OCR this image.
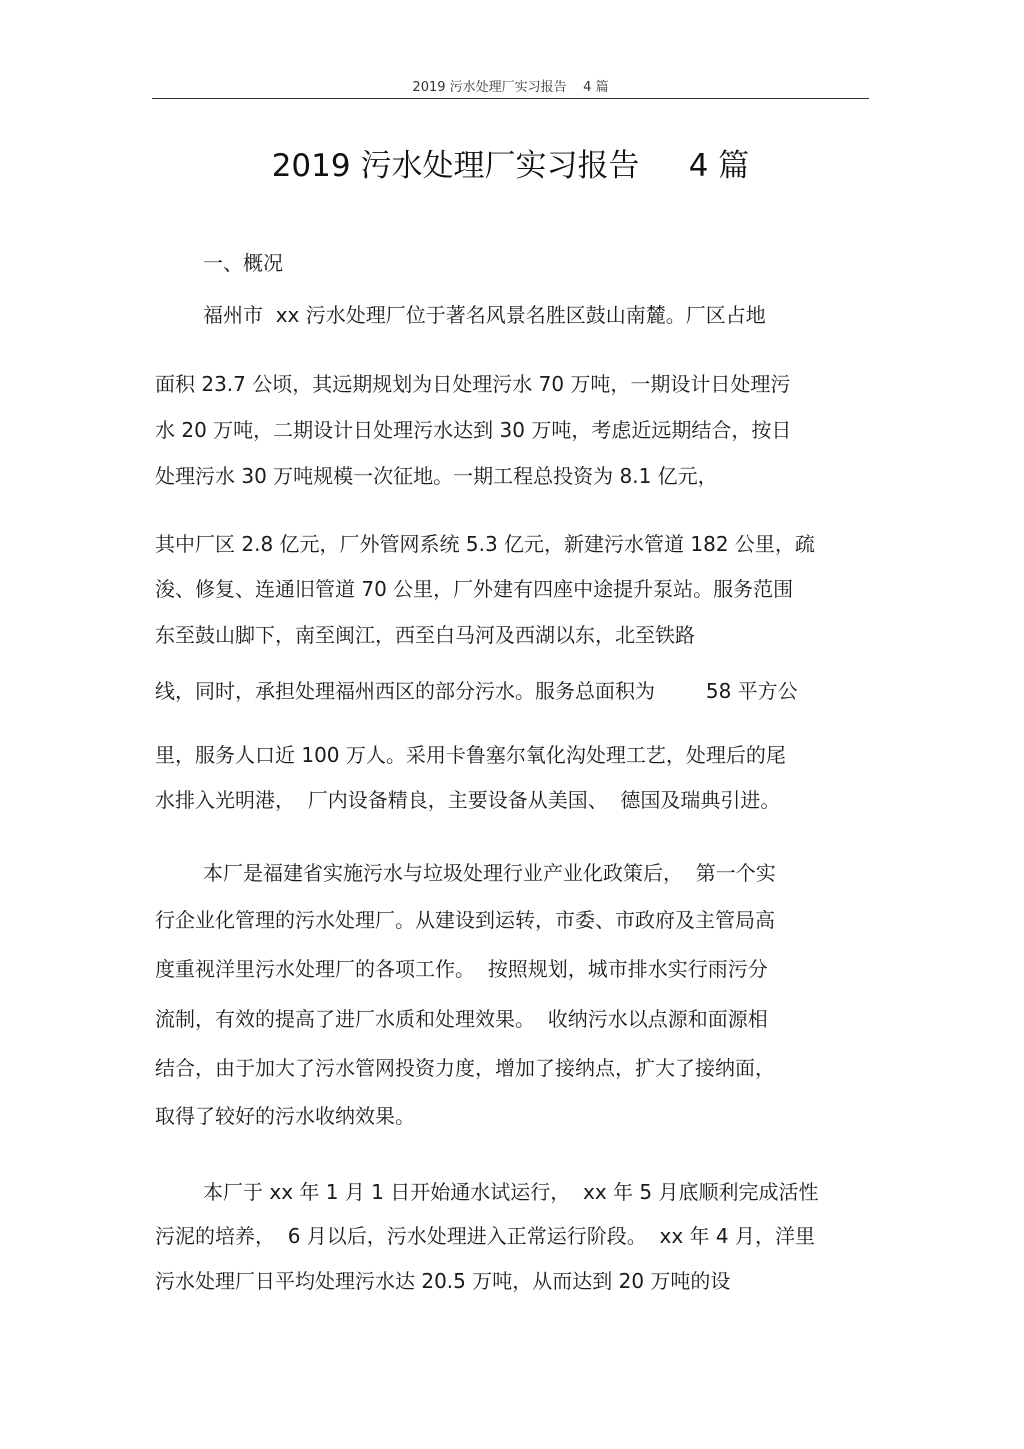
2019 污水处理厂实习报告    4 篇
2019 污水处理厂实习报告     4 篇
一、概况
福州市  xx 污水处理厂位于著名风景名胜区鼓山南麓。厂区占地
面积 23.7 公顷，其远期规划为日处理污水 70 万吨，一期设计日处理污
水 20 万吨，二期设计日处理污水达到 30 万吨，考虑近远期结合，按日
处理污水 30 万吨规模一次征地。一期工程总投资为 8.1 亿元，
其中厂区 2.8 亿元，厂外管网系统 5.3 亿元，新建污水管道 182 公里，疏
浚、修复、连通旧管道 70 公里，厂外建有四座中途提升泵站。服务范围
东至鼓山脚下，南至闽江，西至白马河及西湖以东，北至铁路
线，同时，承担处理福州西区的部分污水。服务总面积为        58 平方公
里，服务人口近 100 万人。采用卡鲁塞尔氧化沟处理工艺，处理后的尾
水排入光明港，  厂内设备精良，主要设备从美国、  德国及瑞典引进。
本厂是福建省实施污水与垃圾处理行业产业化政策后，  第一个实
行企业化管理的污水处理厂。从建设到运转，市委、市政府及主管局高
度重视洋里污水处理厂的各项工作。  按照规划，城市排水实行雨污分
流制，有效的提高了进厂水质和处理效果。  收纳污水以点源和面源相
结合，由于加大了污水管网投资力度，增加了接纳点，扩大了接纳面，
取得了较好的污水收纳效果。
本厂于 xx 年 1 月 1 日开始通水试运行，  xx 年 5 月底顺利完成活性
污泥的培养，  6 月以后，污水处理进入正常运行阶段。  xx 年 4 月，洋里
污水处理厂日平均处理污水达 20.5 万吨，从而达到 20 万吨的设
